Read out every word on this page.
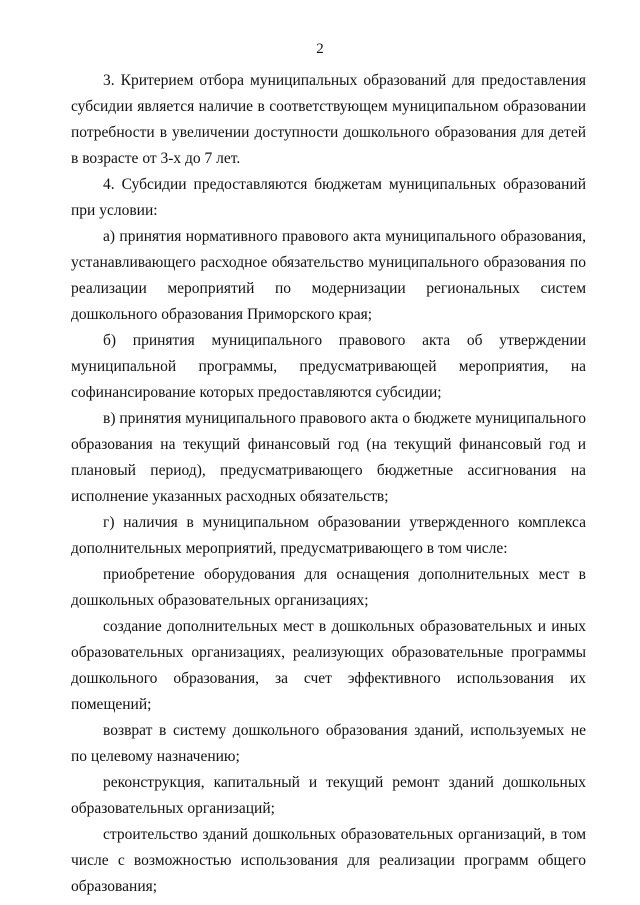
2

3. Критерием отбора муниципальных образований для предоставления субсидии является наличие в соответствующем муниципальном образовании потребности в увеличении доступности дошкольного образования для детей в возрасте от 3-х до 7 лет.

4. Субсидии предоставляются бюджетам муниципальных образований при условии:

а) принятия нормативного правового акта муниципального образования, устанавливающего расходное обязательство муниципального образования по реализации мероприятий по модернизации региональных систем дошкольного образования Приморского края;

б) принятия муниципального правового акта об утверждении муниципальной программы, предусматривающей мероприятия, на софинансирование которых предоставляются субсидии;

в) принятия муниципального правового акта о бюджете муниципального образования на текущий финансовый год (на текущий финансовый год и плановый период), предусматривающего бюджетные ассигнования на исполнение указанных расходных обязательств;

г) наличия в муниципальном образовании утвержденного комплекса дополнительных мероприятий, предусматривающего в том числе:

приобретение оборудования для оснащения дополнительных мест в дошкольных образовательных организациях;

создание дополнительных мест в дошкольных образовательных и иных образовательных организациях, реализующих образовательные программы дошкольного образования, за счет эффективного использования их помещений;

возврат в систему дошкольного образования зданий, используемых не по целевому назначению;

реконструкция, капитальный и текущий ремонт зданий дошкольных образовательных организаций;

строительство зданий дошкольных образовательных организаций, в том числе с возможностью использования для реализации программ общего образования;
